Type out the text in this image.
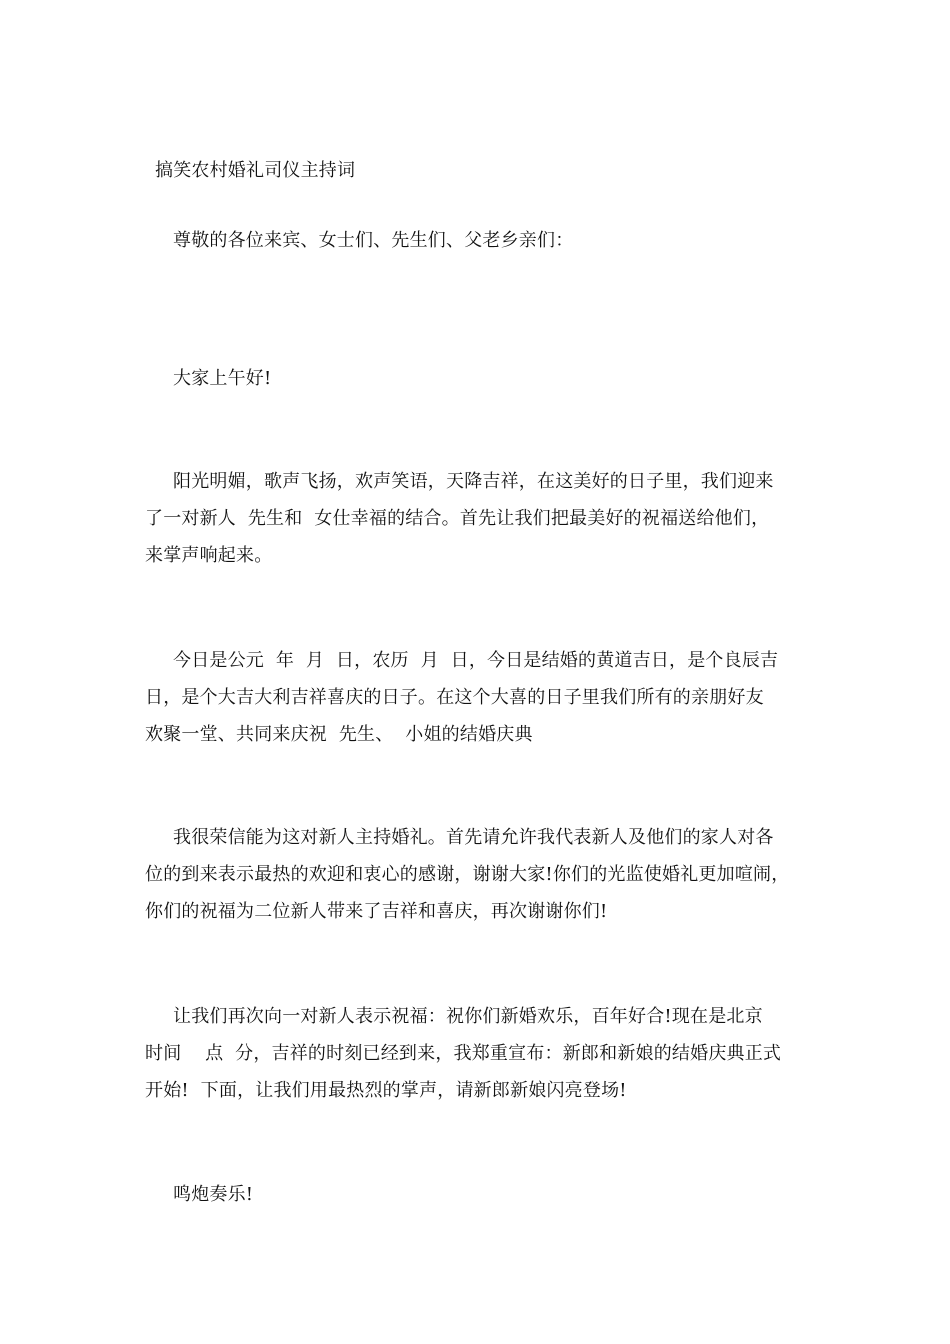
搞笑农村婚礼司仪主持词
尊敬的各位来宾、女士们、先生们、父老乡亲们：
大家上午好!
阳光明媚，歌声飞扬，欢声笑语，天降吉祥，在这美好的日子里，我们迎来
了一对新人  先生和  女仕幸福的结合。首先让我们把最美好的祝福送给他们，
来掌声响起来。
今日是公元  年  月  日，农历  月  日，今日是结婚的黄道吉日，是个良辰吉
日，是个大吉大利吉祥喜庆的日子。在这个大喜的日子里我们所有的亲朋好友
欢聚一堂、共同来庆祝  先生、  小姐的结婚庆典
我很荣信能为这对新人主持婚礼。首先请允许我代表新人及他们的家人对各
位的到来表示最热的欢迎和衷心的感谢，谢谢大家!你们的光监使婚礼更加喧闹，
你们的祝福为二位新人带来了吉祥和喜庆，再次谢谢你们!
让我们再次向一对新人表示祝福：祝你们新婚欢乐，百年好合!现在是北京
时间    点  分，吉祥的时刻已经到来，我郑重宣布：新郎和新娘的结婚庆典正式
开始!  下面，让我们用最热烈的掌声，请新郎新娘闪亮登场!
鸣炮奏乐!
